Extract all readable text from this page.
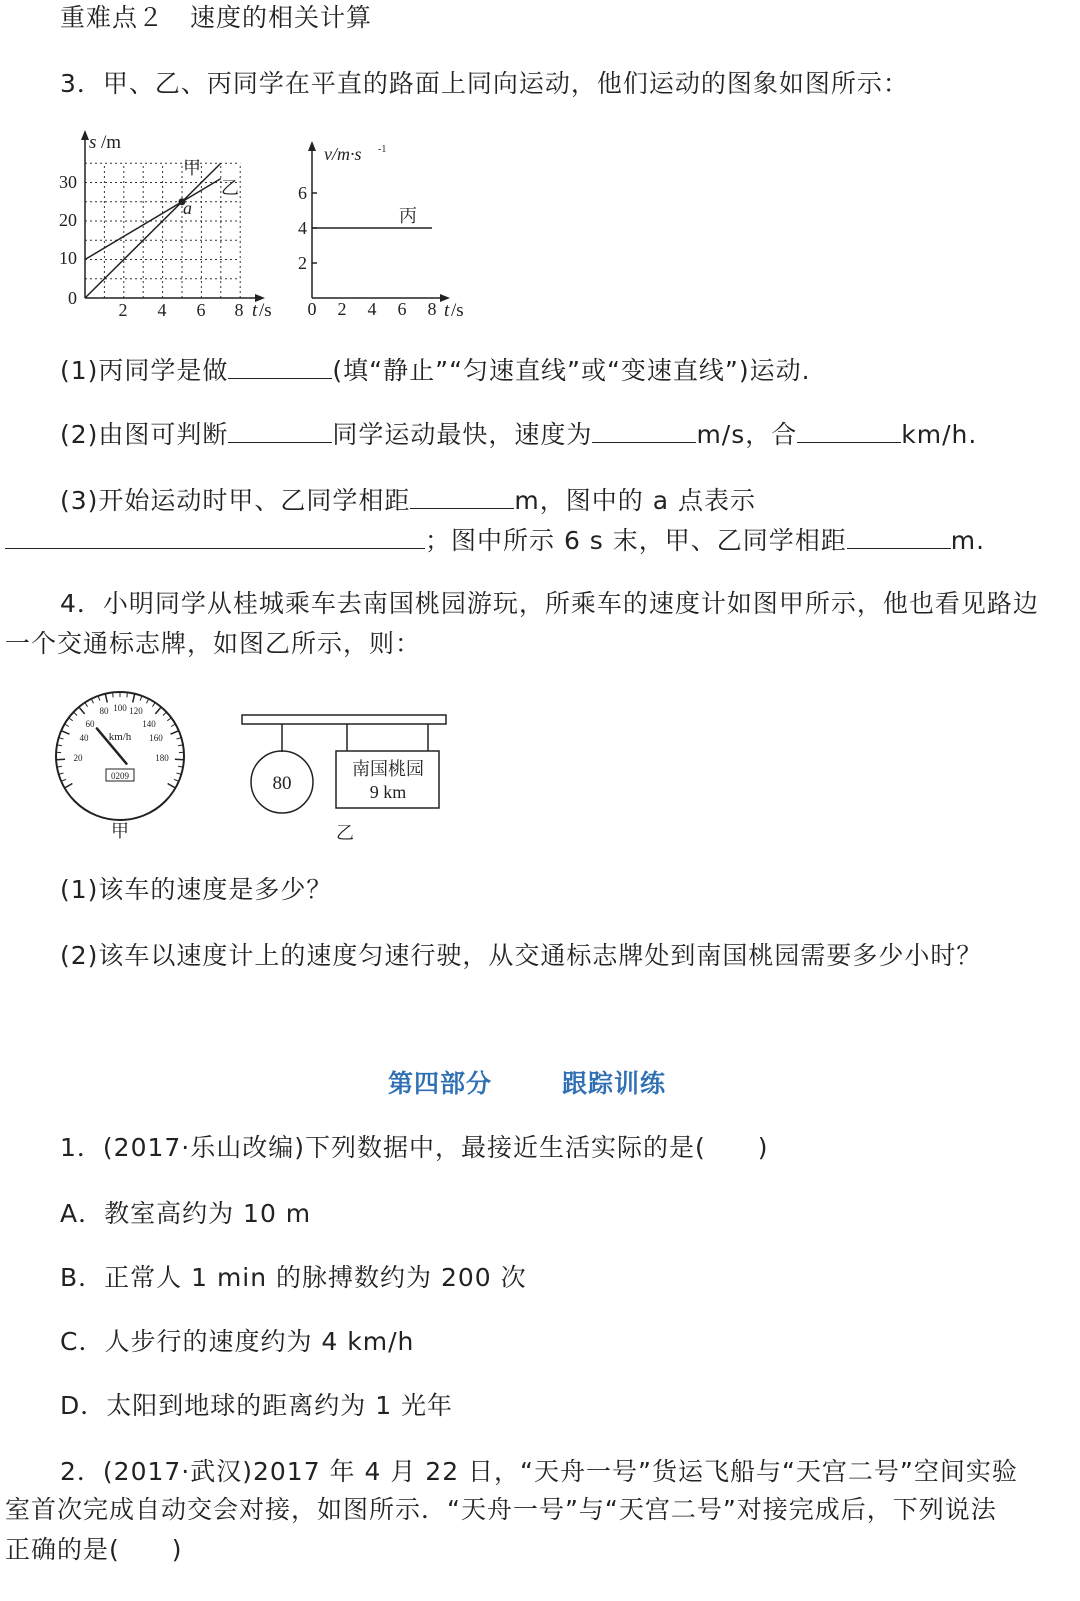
重难点２　速度的相关计算
3．甲、乙、丙同学在平直的路面上同向运动，他们运动的图象如图所示：
s /m
t /s
30
20
10
0
2 4 6 8
甲
乙
a
v/m·s -1
t /s
6
4
2
0 2 4 6 8
丙
(1)丙同学是做	(填“静止”“匀速直线”或“变速直线”)运动.
(2)由图可判断	同学运动最快，速度为	m/s，合	km/h.
(3)开始运动时甲、乙同学相距	m，图中的 a 点表示
；图中所示 6 s 末，甲、乙同学相距	m.
4．小明同学从桂城乘车去南国桃园游玩，所乘车的速度计如图甲所示，他也看见路边
一个交通标志牌，如图乙所示，则：
20
40
60
80 100 120
140
160
180
km/h
0209
甲
80
南国桃园
9 km
乙
(1)该车的速度是多少？
(2)该车以速度计上的速度匀速行驶，从交通标志牌处到南国桃园需要多少小时？
第四部分	跟踪训练
1．(2017·乐山改编)下列数据中，最接近生活实际的是(　　)
A．教室高约为 10 m
B．正常人 1 min 的脉搏数约为 200 次
C．人步行的速度约为 4 km/h
D．太阳到地球的距离约为 1 光年
2．(2017·武汉)2017 年 4 月 22 日，“天舟一号”货运飞船与“天宫二号”空间实验
室首次完成自动交会对接，如图所示．“天舟一号”与“天宫二号”对接完成后，下列说法
正确的是(　　)
